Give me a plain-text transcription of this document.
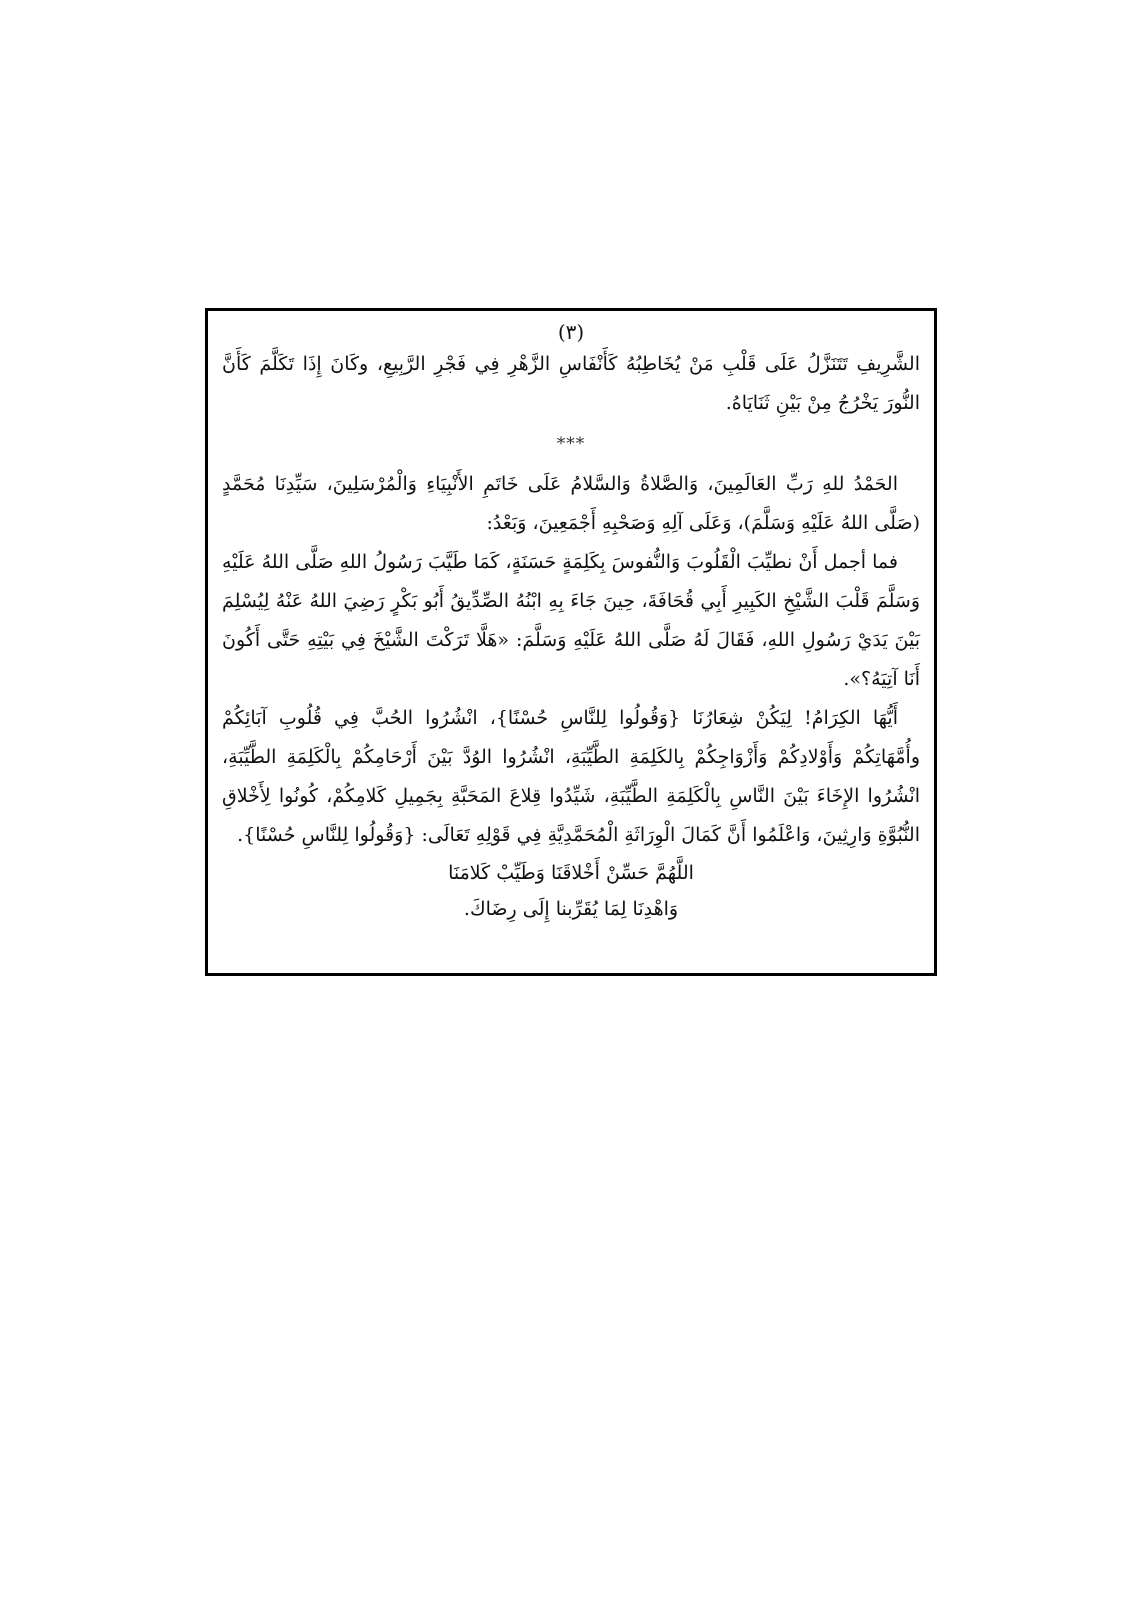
(٣)

الشَّرِيفِ تَتَنَزَّلُ عَلَى قَلْبِ مَنْ يُخَاطِبُهُ كَأَنْفَاسِ الزَّهْرِ فِي فَجْرِ الرَّبِيعِ، وكَانَ إِذَا تَكَلَّمَ كَأَنَّ النُّورَ يَخْرُجُ مِنْ بَيْنِ ثَنَايَاهُ.

***

الحَمْدُ للهِ رَبِّ العَالَمِينَ، وَالصَّلاةُ وَالسَّلامُ عَلَى خَاتَمِ الأَنْبِيَاءِ وَالْمُرْسَلِينَ، سَيِّدِنَا مُحَمَّدٍ (صَلَّى اللهُ عَلَيْهِ وَسَلَّمَ)، وَعَلَى آلِهِ وَصَحْبِهِ أَجْمَعِينَ، وَبَعْدُ:

فما أجمل أَنْ نطيِّبَ الْقَلُوبَ وَالنُّفوسَ بِكَلِمَةٍ حَسَنَةٍ، كَمَا طَيَّبَ رَسُولُ اللهِ صَلَّى اللهُ عَلَيْهِ وَسَلَّمَ قَلْبَ الشَّيْخِ الكَبِيرِ أَبِي قُحَافَةَ، حِينَ جَاءَ بِهِ ابْنُهُ الصِّدِّيقُ أَبُو بَكْرٍ رَضِيَ اللهُ عَنْهُ لِيُسْلِمَ بَيْنَ يَدَيْ رَسُولِ اللهِ، فَقَالَ لَهُ صَلَّى اللهُ عَلَيْهِ وَسَلَّمَ: «هَلَّا تَرَكْتَ الشَّيْخَ فِي بَيْتِهِ حَتَّى أَكُونَ أَنَا آتِيَهُ؟».

أَيُّهَا الكِرَامُ! لِيَكُنْ شِعَارُنَا {وَقُولُوا لِلنَّاسِ حُسْنًا}، انْشُرُوا الحُبَّ فِي قُلُوبِ آبَائِكُمْ وأُمَّهَاتِكُمْ وَأَوْلادِكُمْ وَأَزْوَاجِكُمْ بِالكَلِمَةِ الطَّيِّبَةِ، انْشُرُوا الوُدَّ بَيْنَ أَرْحَامِكُمْ بِالْكَلِمَةِ الطَّيِّبَةِ، انْشُرُوا الإِخَاءَ بَيْنَ النَّاسِ بِالْكَلِمَةِ الطَّيِّبَةِ، شَيِّدُوا قِلاعَ المَحَبَّةِ بِجَمِيلِ كَلامِكُمْ، كُونُوا لِأَخْلاقِ النُّبُوَّةِ وَارِثِينَ، وَاعْلَمُوا أَنَّ كَمَالَ الْوِرَاثَةِ الْمُحَمَّدِيَّةِ فِي قَوْلِهِ تَعَالَى: {وَقُولُوا لِلنَّاسِ حُسْنًا}.

اللَّهُمَّ حَسِّنْ أَخْلاقَنَا وَطَيِّبْ كَلامَنَا

وَاهْدِنَا لِمَا يُقَرِّبنا إِلَى رِضَاكَ.
